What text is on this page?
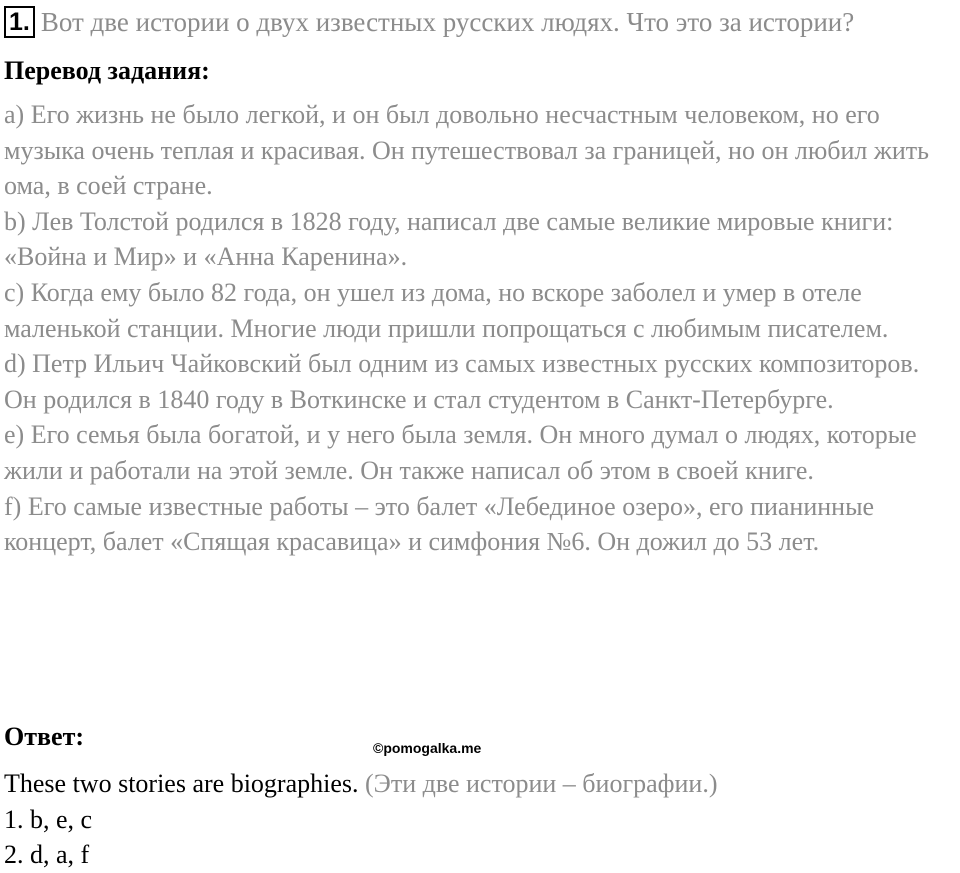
1. Вот две истории о двух известных русских людях. Что это за истории?
Перевод задания:

a) Его жизнь не было легкой, и он был довольно несчастным человеком, но его музыка очень теплая и красивая. Он путешествовал за границей, но он любил жить ома, в соей стране.

b) Лев Толстой родился в 1828 году, написал две самые великие мировые книги: «Война и Мир» и «Анна Каренина».

c) Когда ему было 82 года, он ушел из дома, но вскоре заболел и умер в отеле маленькой станции. Многие люди пришли попрощаться с любимым писателем.

d) Петр Ильич Чайковский был одним из самых известных русских композиторов. Он родился в 1840 году в Воткинске и стал студентом в Санкт-Петербурге.

e) Его семья была богатой, и у него была земля. Он много думал о людях, которые жили и работали на этой земле. Он также написал об этом в своей книге.

f) Его самые известные работы – это балет «Лебединое озеро», его пианинные концерт, балет «Спящая красавица» и симфония №6. Он дожил до 53 лет.

Ответ:	©pomogalka.me

These two stories are biographies. (Эти две истории – биографии.)

1. b, e, c

2. d, a, f
